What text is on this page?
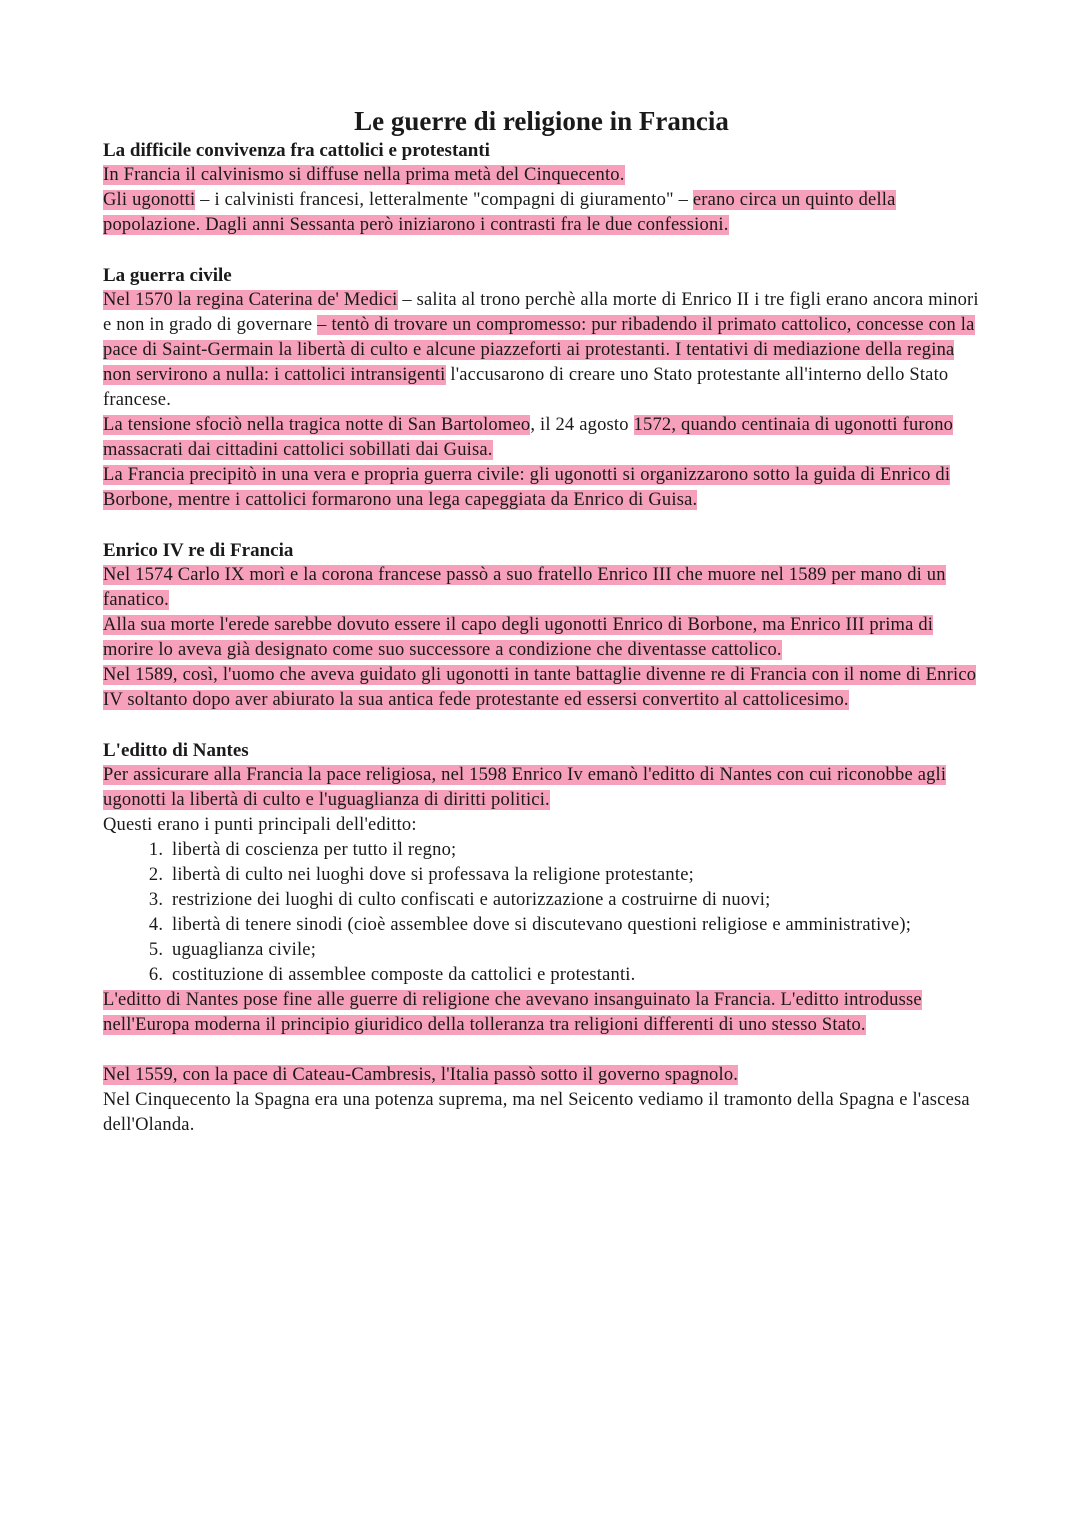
Le guerre di religione in Francia
La difficile convivenza fra cattolici e protestanti

In Francia il calvinismo si diffuse nella prima metà del Cinquecento.

Gli ugonotti – i calvinisti francesi, letteralmente "compagni di giuramento" – erano circa un quinto della popolazione. Dagli anni Sessanta però iniziarono i contrasti fra le due confessioni.

La guerra civile

Nel 1570 la regina Caterina de' Medici – salita al trono perchè alla morte di Enrico II i tre figli erano ancora minori e non in grado di governare – tentò di trovare un compromesso: pur ribadendo il primato cattolico, concesse con la pace di Saint-Germain la libertà di culto e alcune piazzeforti ai protestanti. I tentativi di mediazione della regina non servirono a nulla: i cattolici intransigenti l'accusarono di creare uno Stato protestante all'interno dello Stato francese.

La tensione sfociò nella tragica notte di San Bartolomeo, il 24 agosto 1572, quando centinaia di ugonotti furono massacrati dai cittadini cattolici sobillati dai Guisa.

La Francia precipitò in una vera e propria guerra civile: gli ugonotti si organizzarono sotto la guida di Enrico di Borbone, mentre i cattolici formarono una lega capeggiata da Enrico di Guisa.

Enrico IV re di Francia

Nel 1574 Carlo IX morì e la corona francese passò a suo fratello Enrico III che muore nel 1589 per mano di un fanatico.

Alla sua morte l'erede sarebbe dovuto essere il capo degli ugonotti Enrico di Borbone, ma Enrico III prima di morire lo aveva già designato come suo successore a condizione che diventasse cattolico.

Nel 1589, così, l'uomo che aveva guidato gli ugonotti in tante battaglie divenne re di Francia con il nome di Enrico IV soltanto dopo aver abiurato la sua antica fede protestante ed essersi convertito al cattolicesimo.

L'editto di Nantes

Per assicurare alla Francia la pace religiosa, nel 1598 Enrico Iv emanò l'editto di Nantes con cui riconobbe agli ugonotti la libertà di culto e l'uguaglianza di diritti politici.

Questi erano i punti principali dell'editto:

1. libertà di coscienza per tutto il regno;
2. libertà di culto nei luoghi dove si professava la religione protestante;
3. restrizione dei luoghi di culto confiscati e autorizzazione a costruirne di nuovi;
4. libertà di tenere sinodi (cioè assemblee dove si discutevano questioni religiose e amministrative);
5. uguaglianza civile;
6. costituzione di assemblee composte da cattolici e protestanti.

L'editto di Nantes pose fine alle guerre di religione che avevano insanguinato la Francia. L'editto introdusse nell'Europa moderna il principio giuridico della tolleranza tra religioni differenti di uno stesso Stato.

Nel 1559, con la pace di Cateau-Cambresis, l'Italia passò sotto il governo spagnolo.

Nel Cinquecento la Spagna era una potenza suprema, ma nel Seicento vediamo il tramonto della Spagna e l'ascesa dell'Olanda.
